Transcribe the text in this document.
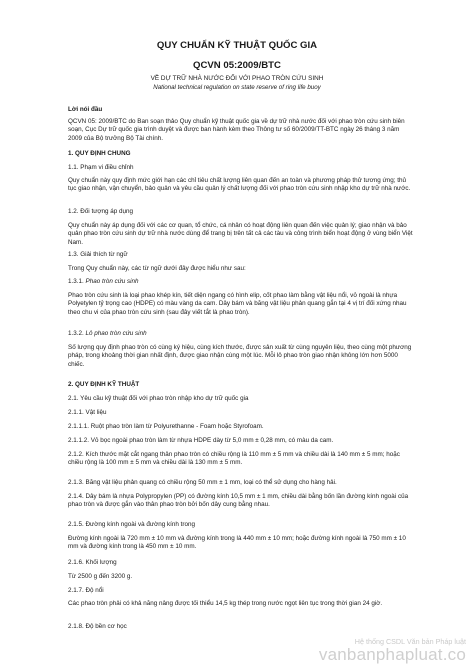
QUY CHUẨN KỸ THUẬT QUỐC GIA
QCVN 05:2009/BTC
VỀ DỰ TRỮ NHÀ NƯỚC ĐỐI VỚI PHAO TRÒN CỨU SINH
National technical regulation on state reserve of ring life buoy

Lời nói đầu

QCVN 05: 2009/BTC do Ban soạn thảo Quy chuẩn kỹ thuật quốc gia về dự trữ nhà nước đối với phao tròn cứu sinh biên soạn, Cục Dự trữ quốc gia trình duyệt và được ban hành kèm theo Thông tư số 60/2009/TT-BTC ngày 26 tháng 3 năm 2009 của Bộ trưởng Bộ Tài chính.

1. QUY ĐỊNH CHUNG

1.1. Phạm vi điều chỉnh

Quy chuẩn này quy định mức giới hạn các chỉ tiêu chất lượng liên quan đến an toàn và phương pháp thử tương ứng; thủ tục giao nhận, vận chuyển, bảo quản và yêu cầu quản lý chất lượng đối với phao tròn cứu sinh nhập kho dự trữ nhà nước.

1.2. Đối tượng áp dụng

Quy chuẩn này áp dụng đối với các cơ quan, tổ chức, cá nhân có hoạt động liên quan đến việc quản lý; giao nhận và bảo quản phao tròn cứu sinh dự trữ nhà nước dùng để trang bị trên tất cả các tàu và công trình biển hoạt động ở vùng biển Việt Nam.

1.3. Giải thích từ ngữ

Trong Quy chuẩn này, các từ ngữ dưới đây được hiểu như sau:

1.3.1. Phao tròn cứu sinh

Phao tròn cứu sinh là loại phao khép kín, tiết diện ngang có hình elip, cốt phao làm bằng vật liệu nổi, vỏ ngoài là nhựa Polyetylen tỷ trọng cao (HDPE) có màu vàng da cam. Dây bám và băng vật liệu phản quang gắn tại 4 vị trí đối xứng nhau theo chu vi của phao tròn cứu sinh (sau đây viết tắt là phao tròn).

1.3.2. Lô phao tròn cứu sinh

Số lượng quy định phao tròn có cùng ký hiệu, cùng kích thước, được sản xuất từ cùng nguyên liệu, theo cùng một phương pháp, trong khoảng thời gian nhất định, được giao nhận cùng một lúc. Mỗi lô phao tròn giao nhận không lớn hơn 5000 chiếc.

2. QUY ĐỊNH KỸ THUẬT

2.1. Yêu cầu kỹ thuật đối với phao tròn nhập kho dự trữ quốc gia

2.1.1. Vật liệu

2.1.1.1. Ruột phao tròn làm từ Polyurethanne - Foam hoặc Styrofoam.

2.1.1.2. Vỏ bọc ngoài phao tròn làm từ nhựa HDPE dày từ 5,0 mm ± 0,28 mm, có màu da cam.

2.1.2. Kích thước mặt cắt ngang thân phao tròn có chiều rộng là 110 mm ± 5 mm và chiều dài là 140 mm ± 5 mm; hoặc chiều rộng là 100 mm ± 5 mm và chiều dài là 130 mm ± 5 mm.

2.1.3. Băng vật liệu phản quang có chiều rộng 50 mm ± 1 mm, loại có thể sử dụng cho hàng hải.

2.1.4. Dây bám là nhựa Polypropylen (PP) có đường kính 10,5 mm ± 1 mm, chiều dài bằng bốn lần đường kính ngoài của phao tròn và được gắn vào thân phao tròn bởi bốn dây cung bằng nhau.

2.1.5. Đường kính ngoài và đường kính trong

Đường kính ngoài là 720 mm ± 10 mm và đường kính trong là 440 mm ± 10 mm; hoặc đường kính ngoài là 750 mm ± 10 mm và đường kính trong là 450 mm ± 10 mm.

2.1.6. Khối lượng

Từ 2500 g đến 3200 g.

2.1.7. Độ nổi

Các phao tròn phải có khả năng nâng được tối thiểu 14,5 kg thép trong nước ngọt liên tục trong thời gian 24 giờ.

2.1.8. Độ bền cơ học

Hệ thống CSDL Văn bản Pháp luật
vanbanphapluat.co
